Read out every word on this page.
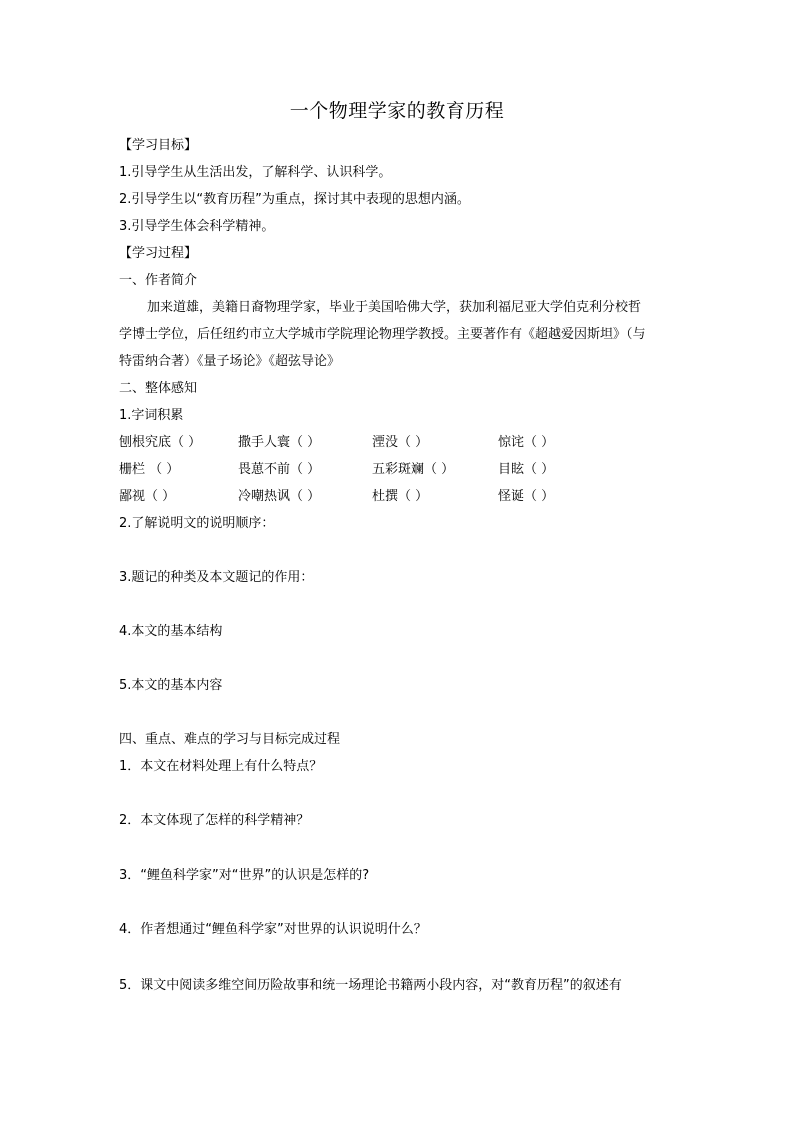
一个物理学家的教育历程
【学习目标】
1.引导学生从生活出发，了解科学、认识科学。
2.引导学生以“教育历程”为重点，探讨其中表现的思想内涵。
3.引导学生体会科学精神。
【学习过程】
一、作者简介
加来道雄，美籍日裔物理学家，毕业于美国哈佛大学，获加利福尼亚大学伯克利分校哲
学博士学位，后任纽约市立大学城市学院理论物理学教授。主要著作有《超越爱因斯坦》（与
特雷纳合著）《量子场论》《超弦导论》
二、整体感知
1.字词积累
刨根究底（ ）	撒手人寰（ ）	湮没（ ）	惊诧（ ）
栅栏 （ ）	畏葸不前（ ）	五彩斑斓（ ）	目眩（ ）
鄙视（ ）	冷嘲热讽（ ）	杜撰（ ）	怪诞（ ）
2.了解说明文的说明顺序：
3.题记的种类及本文题记的作用：
4.本文的基本结构
5.本文的基本内容
四、重点、难点的学习与目标完成过程
1．本文在材料处理上有什么特点？
2．本文体现了怎样的科学精神？
3．“鲤鱼科学家”对“世界”的认识是怎样的?
4．作者想通过“鲤鱼科学家”对世界的认识说明什么？
5．课文中阅读多维空间历险故事和统一场理论书籍两小段内容，对“教育历程”的叙述有
